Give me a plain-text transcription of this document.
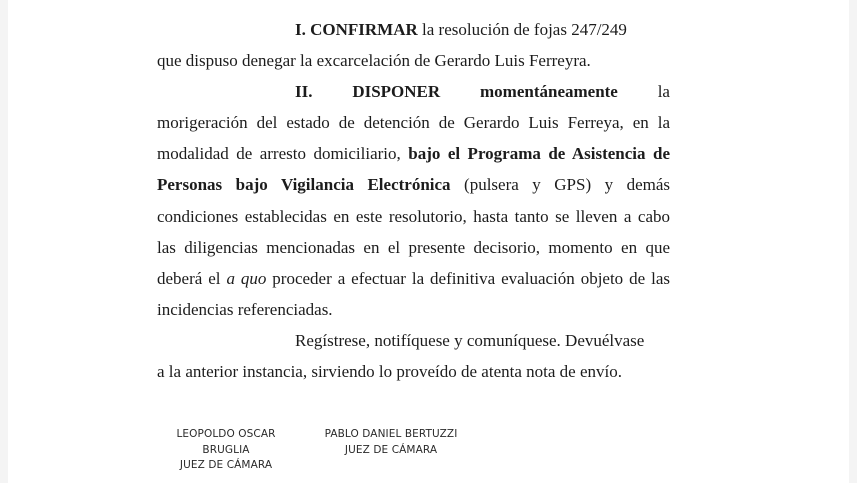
I. CONFIRMAR la resolución de fojas 247/249

que dispuso denegar la excarcelación de Gerardo Luis Ferreyra.

II. DISPONER momentáneamente la

morigeración del estado de detención de Gerardo Luis Ferreya, en la modalidad de arresto domiciliario, bajo el Programa de Asistencia de Personas bajo Vigilancia Electrónica (pulsera y GPS) y demás condiciones establecidas en este resolutorio, hasta tanto se lleven a cabo las diligencias mencionadas en el presente decisorio, momento en que deberá el a quo proceder a efectuar la definitiva evaluación objeto de las incidencias referenciadas.

Regístrese, notifíquese y comuníquese. Devuélvase

a la anterior instancia, sirviendo lo proveído de atenta nota de envío.

LEOPOLDO OSCAR
BRUGLIA
JUEZ DE CÁMARA
PABLO DANIEL BERTUZZI
JUEZ DE CÁMARA
